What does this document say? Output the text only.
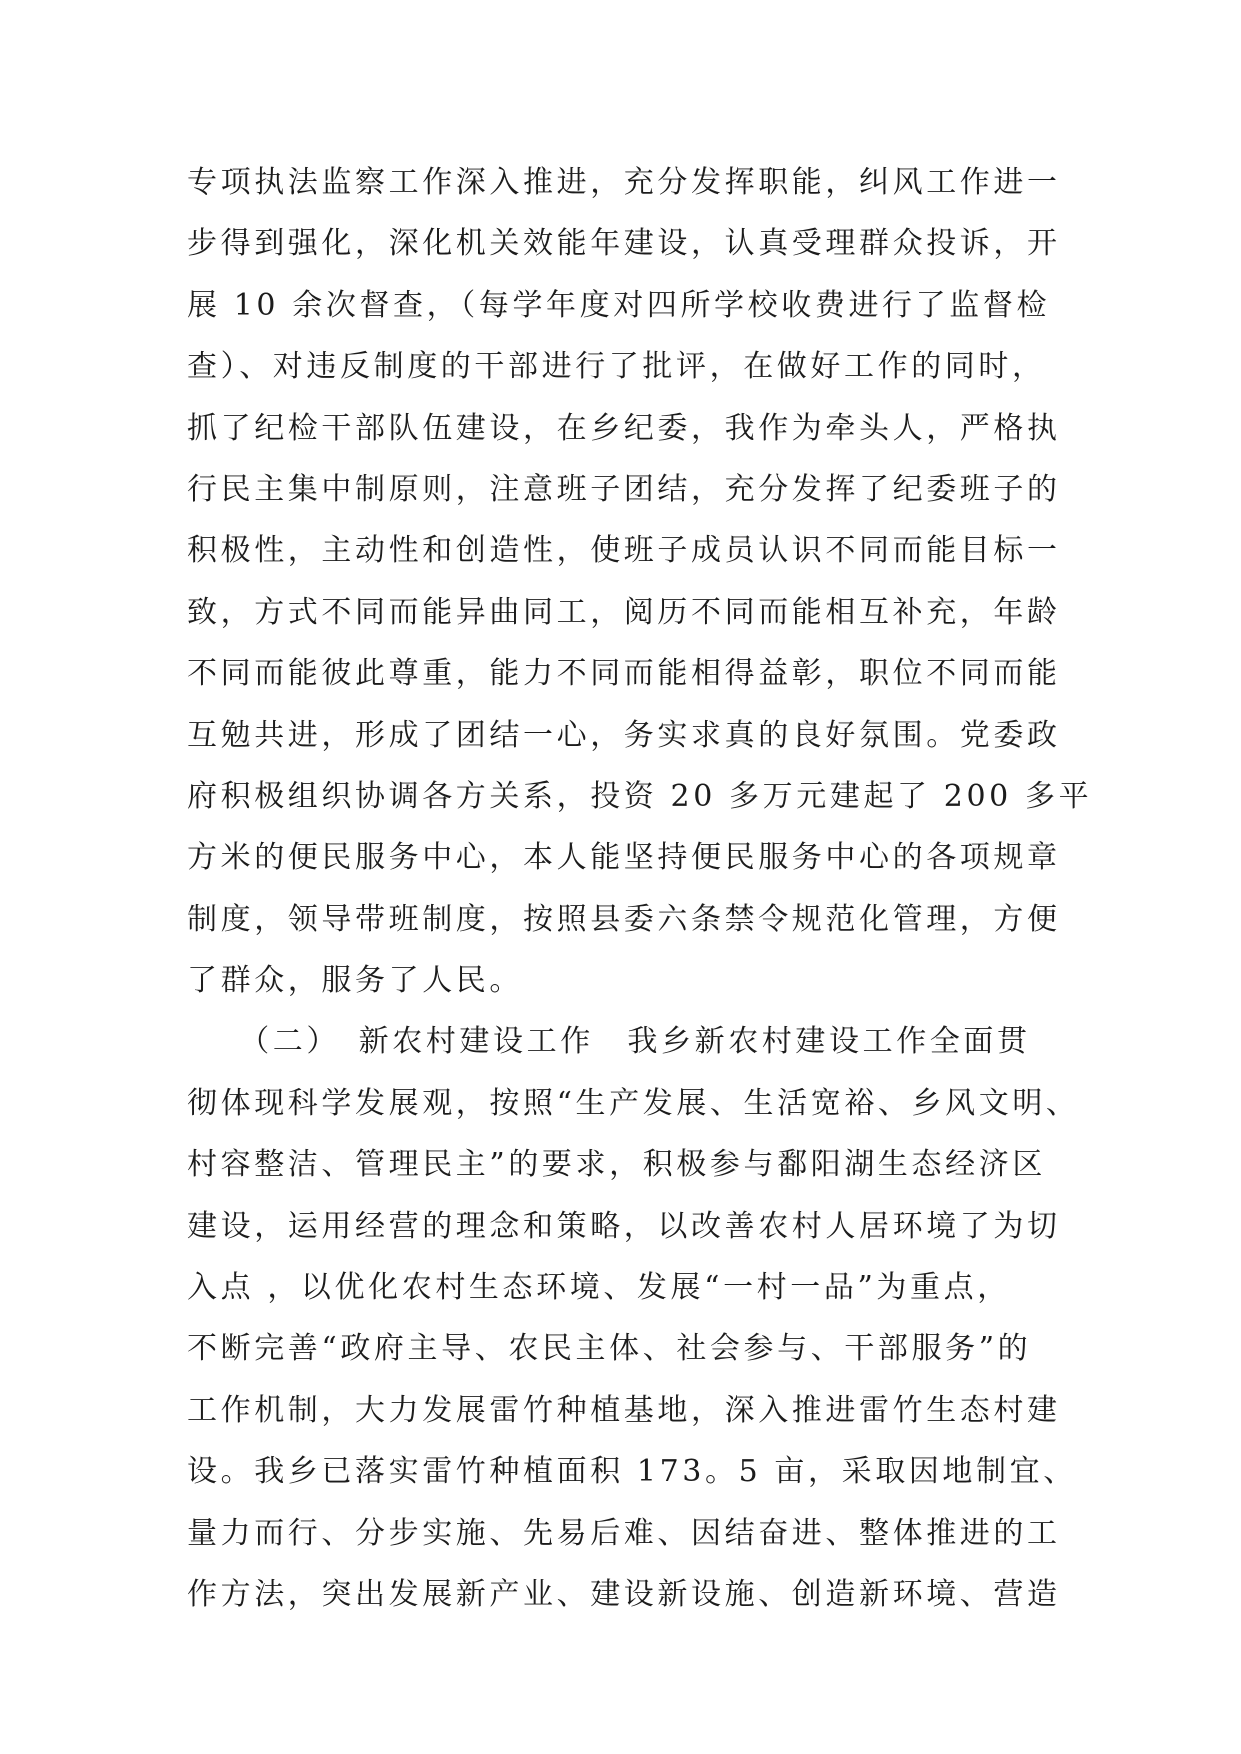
专项执法监察工作深入推进，充分发挥职能，纠风工作进一
步得到强化，深化机关效能年建设，认真受理群众投诉，开
展 10 余次督查，（每学年度对四所学校收费进行了监督检
查）、对违反制度的干部进行了批评，在做好工作的同时，
抓了纪检干部队伍建设，在乡纪委，我作为牵头人，严格执
行民主集中制原则，注意班子团结，充分发挥了纪委班子的
积极性，主动性和创造性，使班子成员认识不同而能目标一
致，方式不同而能异曲同工，阅历不同而能相互补充，年龄
不同而能彼此尊重，能力不同而能相得益彰，职位不同而能
互勉共进，形成了团结一心，务实求真的良好氛围。党委政
府积极组织协调各方关系，投资 20 多万元建起了 200 多平
方米的便民服务中心，本人能坚持便民服务中心的各项规章
制度，领导带班制度，按照县委六条禁令规范化管理，方便
了群众，服务了人民。
　　（二）　新农村建设工作　我乡新农村建设工作全面贯
彻体现科学发展观，按照“生产发展、生活宽裕、乡风文明、
村容整洁、管理民主”的要求，积极参与鄱阳湖生态经济区
建设，运用经营的理念和策略，以改善农村人居环境了为切
入点 ，以优化农村生态环境、发展“一村一品”为重点，
不断完善“政府主导、农民主体、社会参与、干部服务”的
工作机制，大力发展雷竹种植基地，深入推进雷竹生态村建
设。我乡已落实雷竹种植面积 173。5 亩，采取因地制宜、
量力而行、分步实施、先易后难、因结奋进、整体推进的工
作方法，突出发展新产业、建设新设施、创造新环境、营造
